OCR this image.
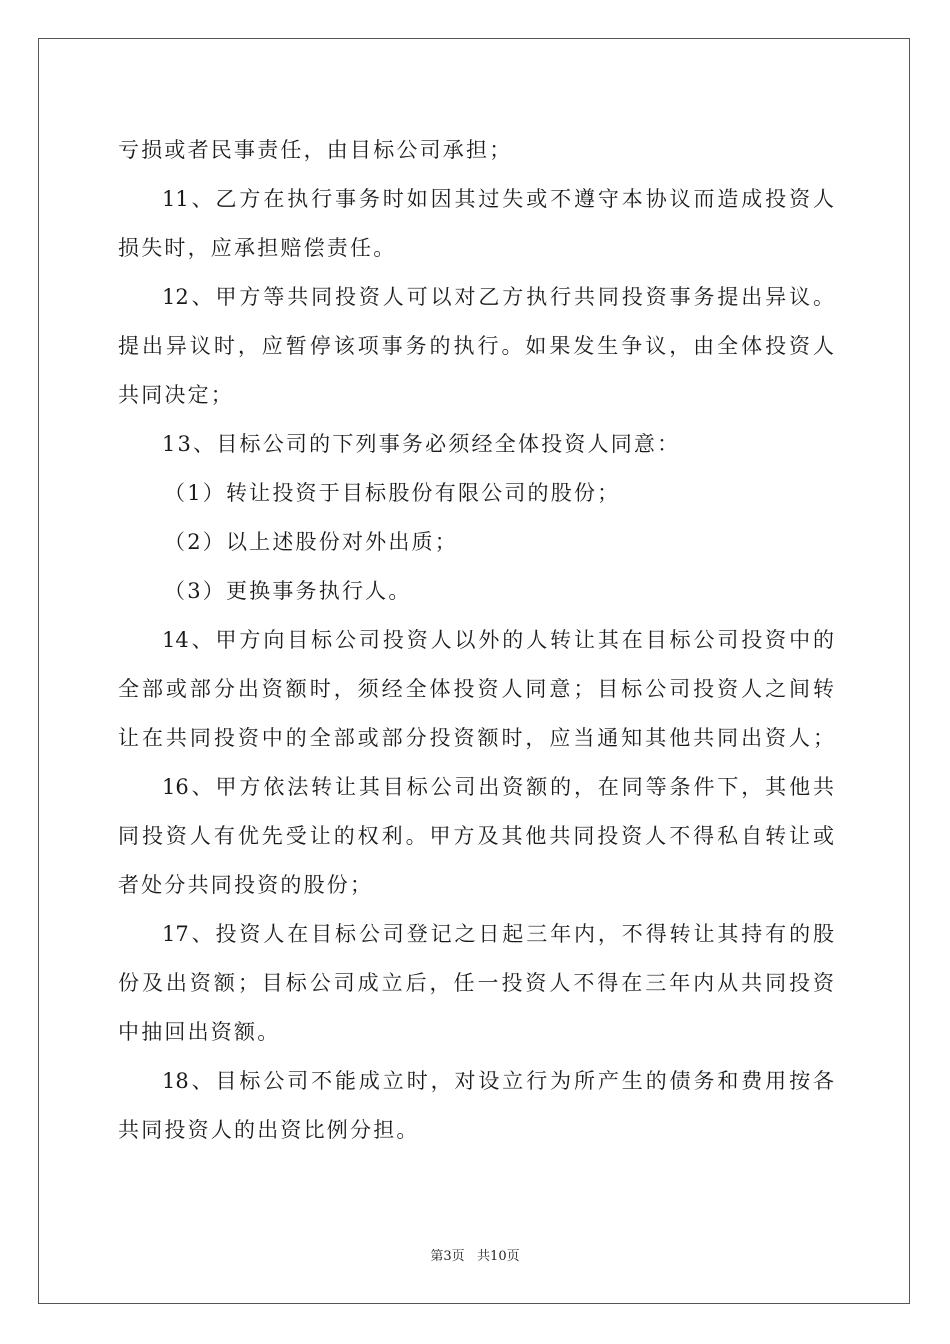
亏损或者民事责任，由目标公司承担；
11、乙方在执行事务时如因其过失或不遵守本协议而造成投资人
损失时，应承担赔偿责任。
12、甲方等共同投资人可以对乙方执行共同投资事务提出异议。
提出异议时，应暂停该项事务的执行。如果发生争议，由全体投资人
共同决定；
13、目标公司的下列事务必须经全体投资人同意：
（1）转让投资于目标股份有限公司的股份；
（2）以上述股份对外出质；
（3）更换事务执行人。
14、甲方向目标公司投资人以外的人转让其在目标公司投资中的
全部或部分出资额时，须经全体投资人同意；目标公司投资人之间转
让在共同投资中的全部或部分投资额时，应当通知其他共同出资人；
16、甲方依法转让其目标公司出资额的，在同等条件下，其他共
同投资人有优先受让的权利。甲方及其他共同投资人不得私自转让或
者处分共同投资的股份；
17、投资人在目标公司登记之日起三年内，不得转让其持有的股
份及出资额；目标公司成立后，任一投资人不得在三年内从共同投资
中抽回出资额。
18、目标公司不能成立时，对设立行为所产生的债务和费用按各
共同投资人的出资比例分担。
第3页   共10页
